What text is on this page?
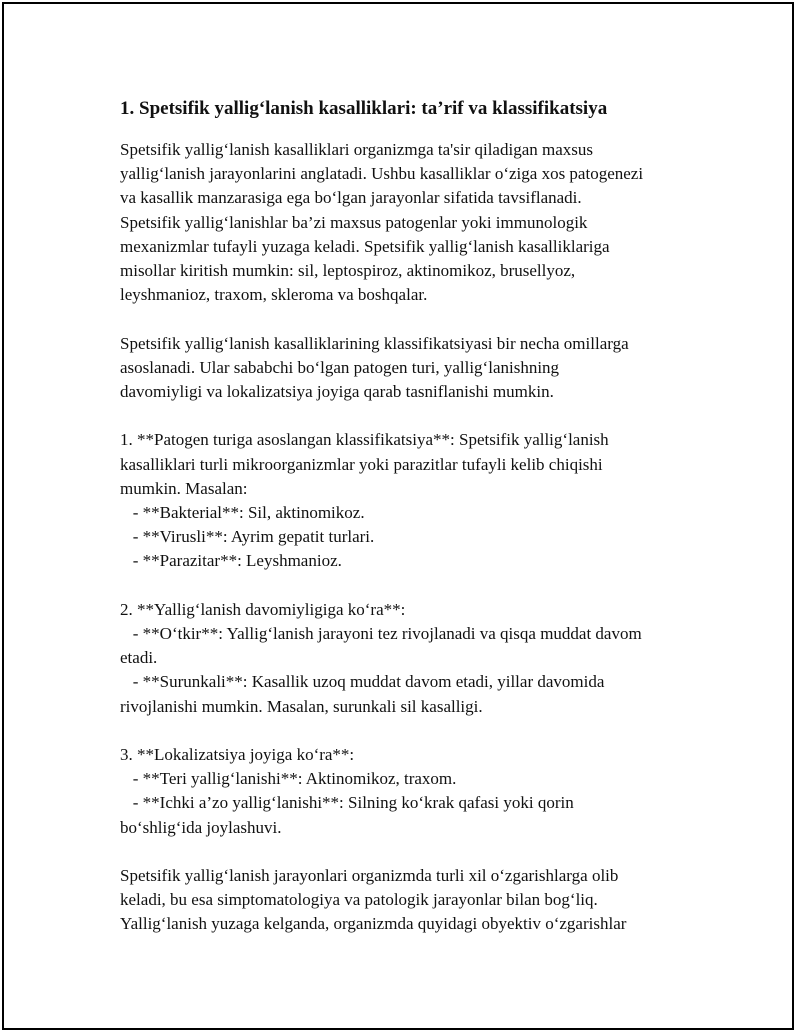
1. Spetsifik yallig‘lanish kasalliklari: ta’rif va klassifikatsiya
Spetsifik yallig‘lanish kasalliklari organizmga ta'sir qiladigan maxsus
yallig‘lanish jarayonlarini anglatadi. Ushbu kasalliklar o‘ziga xos patogenezi
va kasallik manzarasiga ega bo‘lgan jarayonlar sifatida tavsiflanadi.
Spetsifik yallig‘lanishlar ba’zi maxsus patogenlar yoki immunologik
mexanizmlar tufayli yuzaga keladi. Spetsifik yallig‘lanish kasalliklariga
misollar kiritish mumkin: sil, leptospiroz, aktinomikoz, brusellyoz,
leyshmanioz, traxom, skleroma va boshqalar.
Spetsifik yallig‘lanish kasalliklarining klassifikatsiyasi bir necha omillarga
asoslanadi. Ular sababchi bo‘lgan patogen turi, yallig‘lanishning
davomiyligi va lokalizatsiya joyiga qarab tasniflanishi mumkin.
1. **Patogen turiga asoslangan klassifikatsiya**: Spetsifik yallig‘lanish
kasalliklari turli mikroorganizmlar yoki parazitlar tufayli kelib chiqishi
mumkin. Masalan:
- **Bakterial**: Sil, aktinomikoz.
- **Virusli**: Ayrim gepatit turlari.
- **Parazitar**: Leyshmanioz.
2. **Yallig‘lanish davomiyligiga ko‘ra**:
- **O‘tkir**: Yallig‘lanish jarayoni tez rivojlanadi va qisqa muddat davom
etadi.
- **Surunkali**: Kasallik uzoq muddat davom etadi, yillar davomida
rivojlanishi mumkin. Masalan, surunkali sil kasalligi.
3. **Lokalizatsiya joyiga ko‘ra**:
- **Teri yallig‘lanishi**: Aktinomikoz, traxom.
- **Ichki a’zo yallig‘lanishi**: Silning ko‘krak qafasi yoki qorin
bo‘shlig‘ida joylashuvi.
Spetsifik yallig‘lanish jarayonlari organizmda turli xil o‘zgarishlarga olib
keladi, bu esa simptomatologiya va patologik jarayonlar bilan bog‘liq.
Yallig‘lanish yuzaga kelganda, organizmda quyidagi obyektiv o‘zgarishlar
